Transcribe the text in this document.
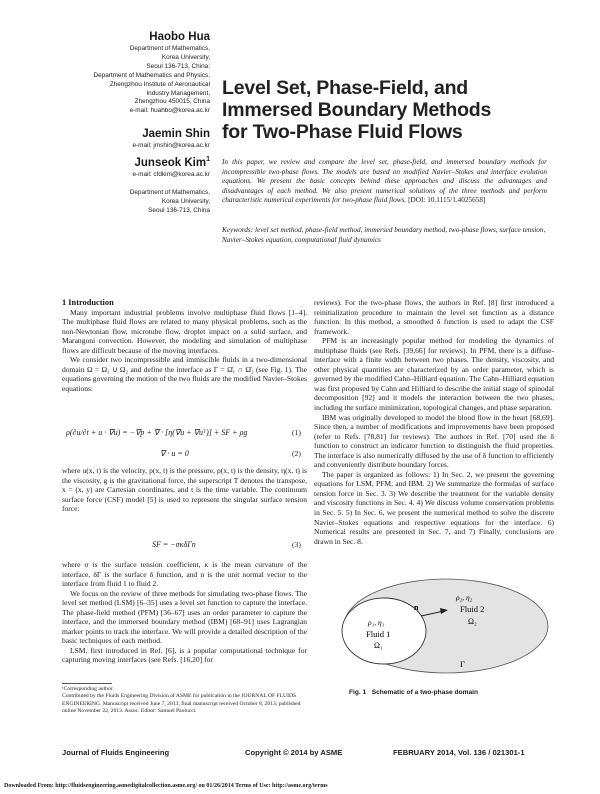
Haobo Hua
Department of Mathematics,
Korea University,
Seoul 136-713, China;
Department of Mathematics and Physics,
Zhengzhou Institute of Aeronautical
Industry Management,
Zhengzhou 450015, China
e-mail: huahbo@korea.ac.kr
Jaemin Shin
e-mail: jmshin@korea.ac.kr
Junseok Kim$^1$
e-mail: cfdkim@korea.ac.kr
Department of Mathematics,
Korea University,
Seoul 136-713, China
Level Set, Phase-Field, and
Immersed Boundary Methods
for Two-Phase Fluid Flows
In this paper, we review and compare the level set, phase-field, and immersed boundary methods for incompressible two-phase flows. The models are based on modified Navier–Stokes and interface evolution equations. We present the basic concepts behind these approaches and discuss the advantages and disadvantages of each method. We also present numerical solutions of the three methods and perform characteristic numerical experiments for two-phase fluid flows. [DOI: 10.1115/1.4025658]
Keywords: level set method, phase-field method, immersed boundary method, two-phase flows, surface tension, Navier–Stokes equation, computational fluid dynamics

1 Introduction

Many important industrial problems involve multiphase fluid flows [1–4]. The multiphase fluid flows are related to many physical problems, such as the non-Newtonian flow, microtube flow, droplet impact on a solid surface, and Marangoni convection. However, the modeling and simulation of multiphase flows are difficult because of the moving interfaces.

We consider two incompressible and immiscible fluids in a two-dimensional domain Ω = Ω₁ ∪ Ω₂ and define the interface as Γ = Ω̄₁ ∩ Ω̄₂ (see Fig. 1). The equations governing the motion of the two fluids are the modified Navier–Stokes equations:

ρ(∂u/∂t + u · ∇u) = −∇p + ∇ · [η(∇u + ∇uᵀ)] + SF + ρg	(1)
∇ · u = 0	(2)

where u(x, t) is the velocity, p(x, t) is the pressure, ρ(x, t) is the density, η(x, t) is the viscosity, g is the gravitational force, the superscript T denotes the transpose, x = (x, y) are Cartesian coordinates, and t is the time variable. The continuum surface force (CSF) model [5] is used to represent the singular surface tension force:

SF = −σκδΓn	(3)

where σ is the surface tension coefficient, κ is the mean curvature of the interface, δΓ is the surface δ function, and n is the unit normal vector to the interface from fluid 1 to fluid 2.

We focus on the review of three methods for simulating two-phase flows. The level set method (LSM) [6–35] uses a level set function to capture the interface. The phase-field method (PFM) [36–67] uses an order parameter to capture the interface, and the immersed boundary method (IBM) [68–91] uses Lagrangian marker points to track the interface. We will provide a detailed description of the basic techniques of each method.

LSM, first introduced in Ref. [6], is a popular computational technique for capturing moving interfaces (see Refs. [16,20] for

¹Corresponding author.
Contributed by the Fluids Engineering Division of ASME for publication in the JOURNAL OF FLUIDS ENGINEERING. Manuscript received June 7, 2013; final manuscript received October 8, 2013; published online November 22, 2013. Assoc. Editor: Samuel Paolucci.

reviews). For the two-phase flows, the authors in Ref. [8] first introduced a reinitialization procedure to maintain the level set function as a distance function. In this method, a smoothed δ function is used to adapt the CSF framework.

PFM is an increasingly popular method for modeling the dynamics of multiphase fluids (see Refs. [39,66] for reviews). In PFM, there is a diffuse-interface with a finite width between two phases. The density, viscosity, and other physical quantities are characterized by an order parameter, which is governed by the modified Cahn–Hilliard equation. The Cahn–Hilliard equation was first proposed by Cahn and Hilliard to describe the initial stage of spinodal decomposition [92] and it models the interaction between the two phases, including the surface minimization, topological changes, and phase separation.

IBM was originally developed to model the blood flow in the heart [68,69]. Since then, a number of modifications and improvements have been proposed (refer to Refs. [78,81] for reviews). The authors in Ref. [70] used the δ function to construct an indicator function to distinguish the fluid properties. The interface is also numerically diffused by the use of δ function to efficiently and conveniently distribute boundary forces.

The paper is organized as follows: 1) In Sec. 2, we present the governing equations for LSM, PFM, and IBM. 2) We summarize the formulas of surface tension force in Sec. 3. 3) We describe the treatment for the variable density and viscosity functions in Sec. 4. 4) We discuss volume conservation problems in Sec. 5. 5) In Sec. 6, we present the numerical method to solve the discrete Navier–Stokes equations and respective equations for the interface. 6) Numerical results are presented in Sec. 7, and 7) Finally, conclusions are drawn in Sec. 8.

n
ρ₁, η₁
Fluid 1
Ω₁
ρ₂, η₂
Fluid 2
Ω₂
Γ
Fig. 1 Schematic of a two-phase domain
Journal of Fluids Engineering	Copyright © 2014 by ASME	FEBRUARY 2014, Vol. 136 / 021301-1
Downloaded From: http://fluidsengineering.asmedigitalcollection.asme.org/ on 01/26/2014 Terms of Use: http://asme.org/terms
